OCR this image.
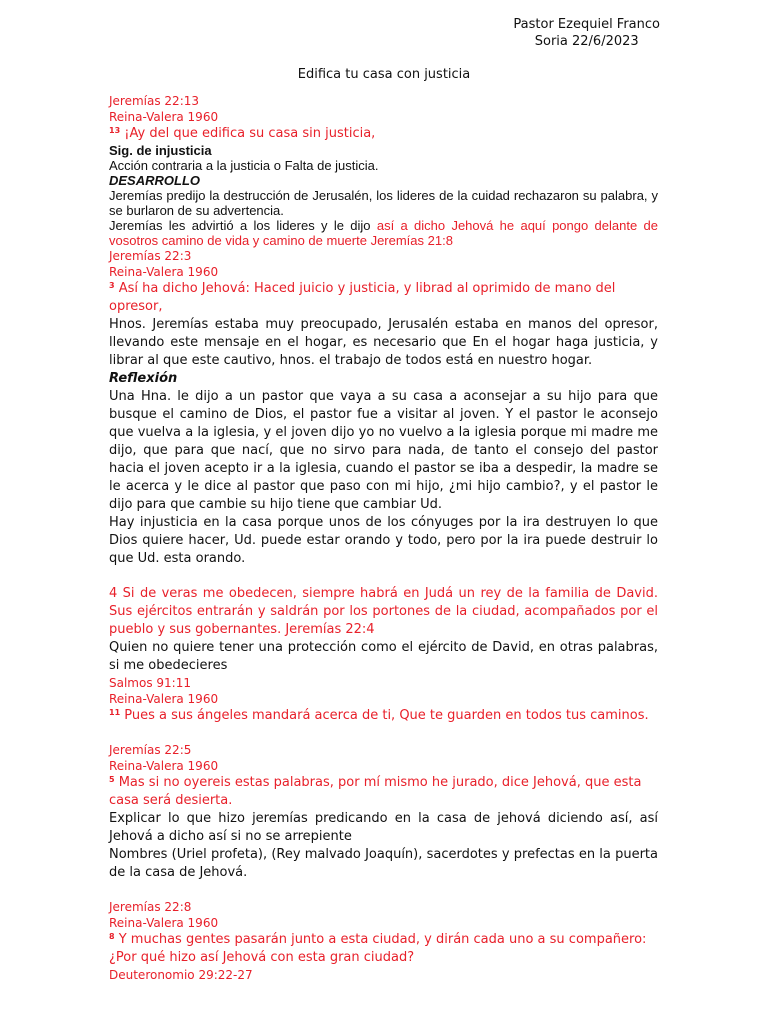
Pastor Ezequiel Franco
Soria 22/6/2023
Edifica tu casa con justicia

Jeremías 22:13

Reina-Valera 1960

$^{13}$ ¡Ay del que edifica su casa sin justicia,

Sig. de injusticia

Acción contraria a la justicia o Falta de justicia.

DESARROLLO

Jeremías predijo la destrucción de Jerusalén, los lideres de la cuidad rechazaron su palabra, y se burlaron de su advertencia.

Jeremías les advirtió a los lideres y le dijo así a dicho Jehová he aquí pongo delante de vosotros camino de vida y camino de muerte Jeremías 21:8

Jeremías 22:3

Reina-Valera 1960

$^3$ Así ha dicho Jehová: Haced juicio y justicia, y librad al oprimido de mano del opresor,

Hnos. Jeremías estaba muy preocupado, Jerusalén estaba en manos del opresor, llevando este mensaje en el hogar, es necesario que En el hogar haga justicia, y librar al que este cautivo, hnos. el trabajo de todos está en nuestro hogar.

Reflexión

Una Hna. le dijo a un pastor que vaya a su casa a aconsejar a su hijo para que busque el camino de Dios, el pastor fue a visitar al joven. Y el pastor le aconsejo que vuelva a la iglesia, y el joven dijo yo no vuelvo a la iglesia porque mi madre me dijo, que para que nací, que no sirvo para nada, de tanto el consejo del pastor hacia el joven acepto ir a la iglesia, cuando el pastor se iba a despedir, la madre se le acerca y le dice al pastor que paso con mi hijo, ¿mi hijo cambio?, y el pastor le dijo para que cambie su hijo tiene que cambiar Ud.

Hay injusticia en la casa porque unos de los cónyuges por la ira destruyen lo que Dios quiere hacer, Ud. puede estar orando y todo, pero por la ira puede destruir lo que Ud. esta orando.

4 Si de veras me obedecen, siempre habrá en Judá un rey de la familia de David. Sus ejércitos entrarán y saldrán por los portones de la ciudad, acompañados por el pueblo y sus gobernantes. Jeremías 22:4

Quien no quiere tener una protección como el ejército de David, en otras palabras, si me obedecieres

Salmos 91:11

Reina-Valera 1960

$^{11}$ Pues a sus ángeles mandará acerca de ti, Que te guarden en todos tus caminos.

Jeremías 22:5

Reina-Valera 1960

$^5$ Mas si no oyereis estas palabras, por mí mismo he jurado, dice Jehová, que esta casa será desierta.

Explicar lo que hizo jeremías predicando en la casa de jehová diciendo así, así Jehová a dicho así si no se arrepiente

Nombres (Uriel profeta), (Rey malvado Joaquín), sacerdotes y prefectas en la puerta de la casa de Jehová.

Jeremías 22:8

Reina-Valera 1960

$^8$ Y muchas gentes pasarán junto a esta ciudad, y dirán cada uno a su compañero: ¿Por qué hizo así Jehová con esta gran ciudad?

Deuteronomio 29:22-27
